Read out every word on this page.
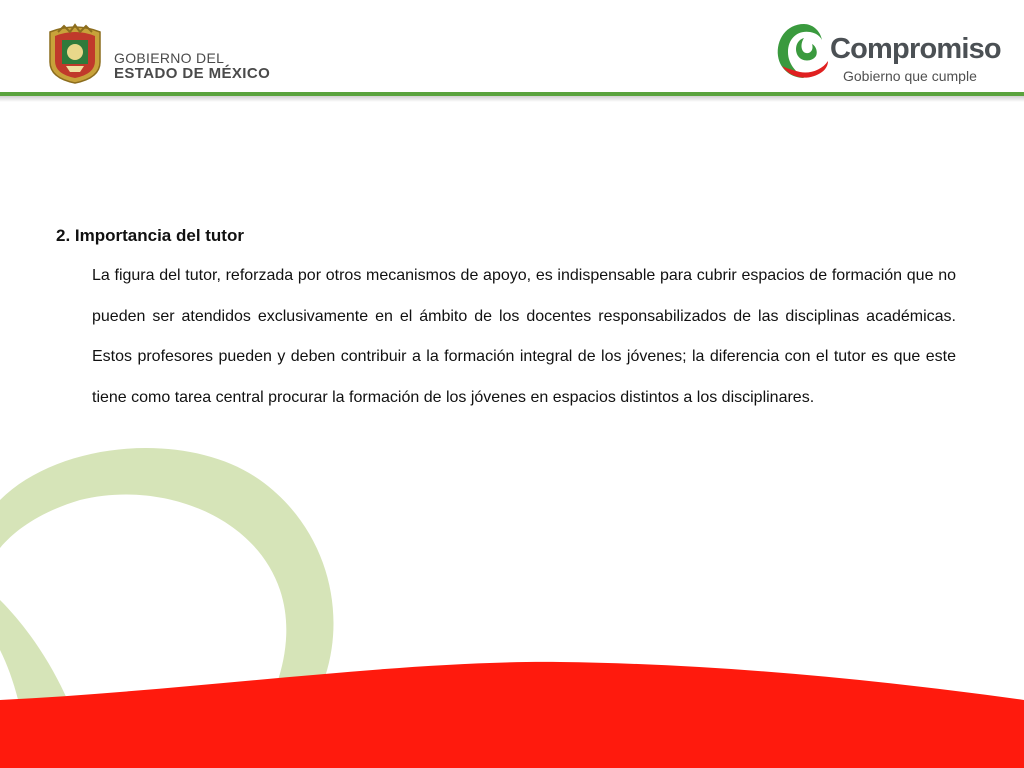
GOBIERNO DEL
ESTADO DE MÉXICO
Compromiso
Gobierno que cumple
2. Importancia del tutor

La figura del tutor, reforzada por otros mecanismos de apoyo, es indispensable para cubrir espacios de formación que no pueden ser atendidos exclusivamente en el ámbito de los docentes responsabilizados de las disciplinas académicas. Estos profesores pueden y deben contribuir a la formación integral de los jóvenes; la diferencia con el tutor es que este tiene como tarea central procurar la formación de los jóvenes en espacios distintos a los disciplinares.
